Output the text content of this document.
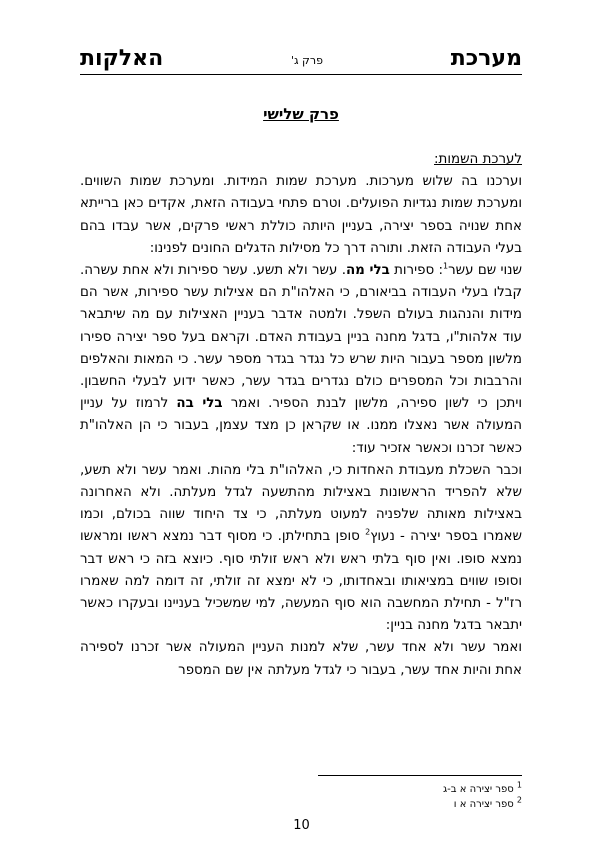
מערכת
פרק ג'
האלקות
פרק שלישי

לערכת השמות:

וערכנו בה שלוש מערכות. מערכת שמות המידות. ומערכת שמות השווים. ומערכת שמות נגדיות הפועלים. וטרם פתחי בעבודה הזאת, אקדים כאן ברייתא אחת שנויה בספר יצירה, בעניין היותה כוללת ראשי פרקים, אשר עבדו בהם בעלי העבודה הזאת. ותורה דרך כל מסילות הדגלים החונים לפנינו:

שנוי שם עשר$^1$: ספירות בלי מה. עשר ולא תשע. עשר ספירות ולא אחת עשרה. קבלו בעלי העבודה בביאורם, כי האלהו"ת הם אצילות עשר ספירות, אשר הם מידות והנהגות בעולם השפל. ולמטה אדבר בעניין האצילות עם מה שיתבאר עוד אלהות"ו, בדגל מחנה בניין בעבודת האדם. וקראם בעל ספר יצירה ספירו מלשון מספר בעבור היות שרש כל נגדר בגדר מספר עשר. כי המאות והאלפים והרבבות וכל המספרים כולם נגדרים בגדר עשר, כאשר ידוע לבעלי החשבון. ויתכן כי לשון ספירה, מלשון לבנת הספיר. ואמר בלי בה לרמוז על עניין המעולה אשר נאצלו ממנו. או שקראן כן מצד עצמן, בעבור כי הן האלהו"ת כאשר זכרנו וכאשר אזכיר עוד:

וכבר השכלת מעבודת האחדות כי, האלהו"ת בלי מהות. ואמר עשר ולא תשע, שלא להפריד הראשונות באצילות מהתשעה לגדל מעלתה. ולא האחרונה באצילות מאותה שלפניה למעוט מעלתה, כי צד היחוד שווה בכולם, וכמו שאמרו בספר יצירה - נעוץ$^2$ סופן בתחילתן. כי מסוף דבר נמצא ראשו ומראשו נמצא סופו. ואין סוף בלתי ראש ולא ראש זולתי סוף. כיוצא בזה כי ראש דבר וסופו שווים במציאותו ובאחדותו, כי לא ימצא זה זולתי, זה דומה למה שאמרו רז"ל - תחילת המחשבה הוא סוף המעשה, למי שמשכיל בעניינו ובעקרו כאשר יתבאר בדגל מחנה בניין:

ואמר עשר ולא אחד עשר, שלא למנות העניין המעולה אשר זכרנו לספירה אחת והיות אחד עשר, בעבור כי לגדל מעלתה אין שם המספר

$^1$ ספר יצירה א ב-ג
$^2$ ספר יצירה א ו
10
